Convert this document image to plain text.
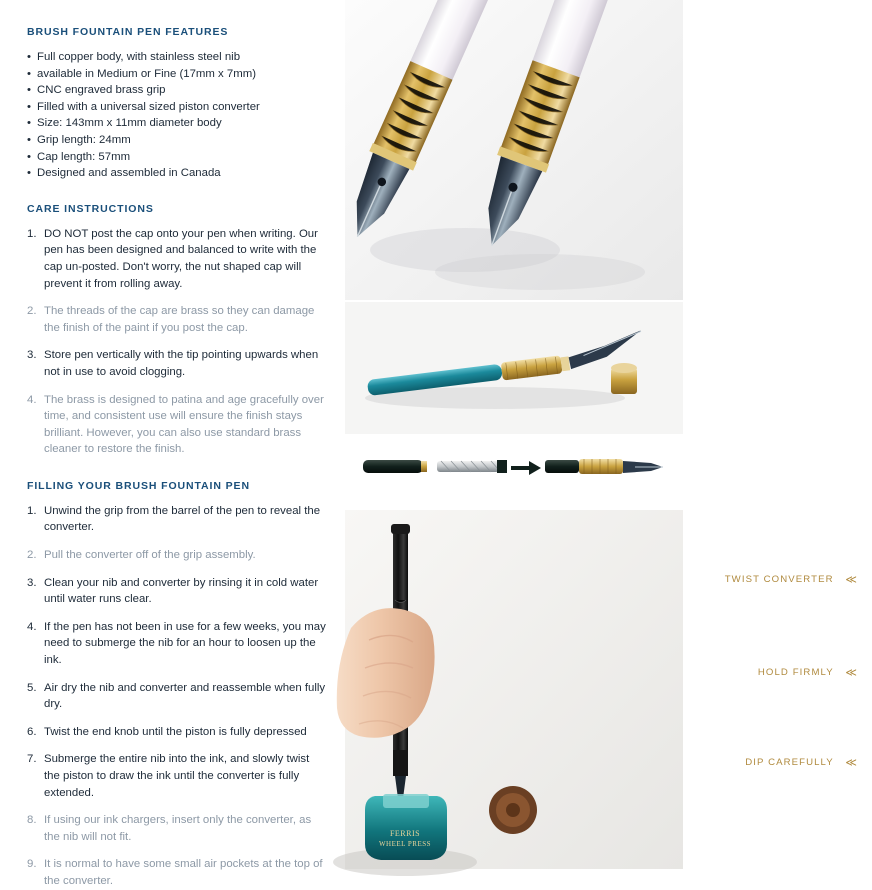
BRUSH FOUNTAIN PEN FEATURES
• Full copper body, with stainless steel nib
• available in Medium or Fine (17mm x 7mm)
• CNC engraved brass grip
• Filled with a universal sized piston converter
• Size: 143mm x 11mm diameter body
• Grip length: 24mm
• Cap length: 57mm
• Designed and assembled in Canada
CARE INSTRUCTIONS
DO NOT post the cap onto your pen when writing. Our pen has been designed and balanced to write with the cap un-posted. Don't worry, the nut shaped cap will prevent it from rolling away.
The threads of the cap are brass so they can damage the finish of the paint if you post the cap.
Store pen vertically with the tip pointing upwards when not in use to avoid clogging.
The brass is designed to patina and age gracefully over time, and consistent use will ensure the finish stays brilliant. However, you can also use standard brass cleaner to restore the finish.
FILLING YOUR BRUSH FOUNTAIN PEN
Unwind the grip from the barrel of the pen to reveal the converter.
Pull the converter off of the grip assembly.
Clean your nib and converter by rinsing it in cold water until water runs clear.
If the pen has not been in use for a few weeks, you may need to submerge the nib for an hour to loosen up the ink.
Air dry the nib and converter and reassemble when fully dry.
Twist the end knob until the piston is fully depressed
Submerge the entire nib into the ink, and slowly twist the piston to draw the ink until the converter is fully extended.
If using our ink chargers, insert only the converter, as the nib will not fit.
It is normal to have some small air pockets at the top of the converter.
FERRIS
WHEEL PRESS
TWIST CONVERTER ≪
HOLD FIRMLY ≪
DIP CAREFULLY ≪
